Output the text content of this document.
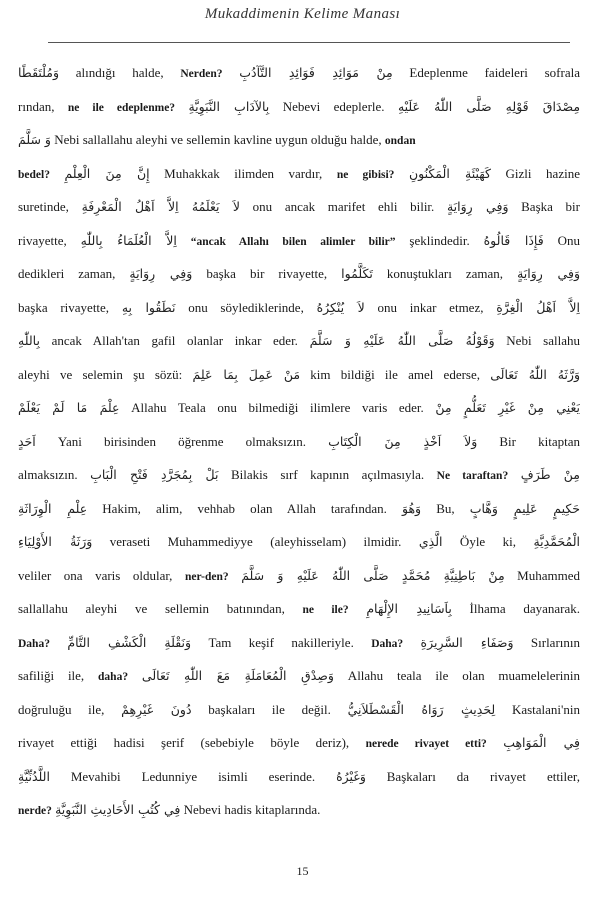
Mukaddimenin Kelime Manası
وَمُلْتَقَطًا alındığı halde, Nerden? مِنْ مَوَائِدِ فَوَائِدِ التَّآدُبِ Edeplenme faideleri sofrala
rından, ne ile edeplenme? بِالآدَابِ النَّبَوِيَّةِ Nebevi edeplerle. مِصْدَاقَ قَوْلِهِ صَلَّى اللّٰهُ عَلَيْهِ
وَ سَلَّمَ Nebi sallallahu aleyhi ve sellemin kavline uygun olduğu halde, ondan
bedel? إِنَّ مِنَ الْعِلْمِ Muhakkak ilimden vardır, ne gibisi? كَهَيْئَةِ الْمَكْنُونِ Gizli hazine
suretinde, لاَ يَعْلَمُهُ اِلاَّ اَهْلُ الْمَعْرِفَةِ onu ancak marifet ehli bilir. وَفِي رِوَايَةٍ Başka bir
rivayette, اِلاَّ الْعُلَمَاءُ بِاللّٰهِ “ancak Allahı bilen alimler bilir” şeklindedir. فَإِذَا قَالُوهُ Onu
dedikleri zaman, وَفِي رِوَايَةٍ başka bir rivayette, تَكَلَّمُوا konuştukları zaman, وَفِي رِوَايَةٍ
başka rivayette, نَطَقُوا بِهِ onu söylediklerinde, لاَ يُنْكِرُهُ onu inkar etmez, اِلاَّ اَهْلُ الْغِرَّةِ
بِاللّٰهِ ancak Allah'tan gafil olanlar inkar eder. وَقَوْلُهُ صَلَّى اللّٰهُ عَلَيْهِ وَ سَلَّمَ Nebi sallahu
aleyhi ve selemin şu sözü: مَنْ عَمِلَ بِمَا عَلِمَ kim bildiği ile amel ederse, وَرَّثَهُ اللّٰهُ تَعَالَى
عِلْمَ مَا لَمْ يَعْلَمْ Allahu Teala onu bilmediği ilimlere varis eder. يَعْنِي مِنْ غَيْرِ تَعَلُّمٍ مِنْ
اَحَدٍ Yani birisinden öğrenme olmaksızın. وَلاَ اَخْذٍ مِنَ الْكِتَابِ Bir kitaptan
almaksızın. بَلْ بِمُجَرَّدِ فَتْحِ الْبَابِ Bilakis sırf kapının açılmasıyla. Ne taraftan? مِنْ طَرَفٍ
عِلْمِ الْوِرَاثَةِ Hakim, alim, vehhab olan Allah tarafından. وَهُوَ Bu, حَكِيمٍ عَلِيمٍ وَهَّابٍ
وَرَثَةُ الأَوْلِيَاءِ veraseti Muhammediyye (aleyhisselam) ilmidir. الَّذِي Öyle ki, الْمُحَمَّدِيَّةِ
veliler ona varis oldular, ner-den? مِنْ بَاطِنِيَّةِ مُحَمَّدٍ صَلَّى اللّٰهُ عَلَيْهِ وَ سَلَّمَ Muhammed
sallallahu aleyhi ve sellemin batınından, ne ile? بِاَسَانِيدِ الإِلْهَامِ İlhama dayanarak.
Daha? وَنَقْلَةِ الْكَشْفِ التَّامِّ Tam keşif nakilleriyle. Daha? وَصَفَاءِ السَّرِيرَةِ Sırlarının
safiliği ile, daha? وَصِدْقِ الْمُعَامَلَةِ مَعَ اللّٰهِ تَعَالَى Allahu teala ile olan muamelelerinin
doğruluğu ile, دُونَ غَيْرِهِمْ başkaları ile değil. لِحَدِيثٍ رَوَاهُ الْقَسْطَلاَنِيُّ Kastalani'nin
rivayet ettiği hadisi şerif (sebebiyle böyle deriz), nerede rivayet etti? فِي الْمَوَاهِبِ
اللَّدُنِّيَّةِ Mevahibi Ledunniye isimli eserinde. وَغَيْرُهُ Başkaları da rivayet ettiler,
nerde? فِي كُتُبِ الأَحَادِيثِ النَّبَوِيَّةِ Nebevi hadis kitaplarında.
15
